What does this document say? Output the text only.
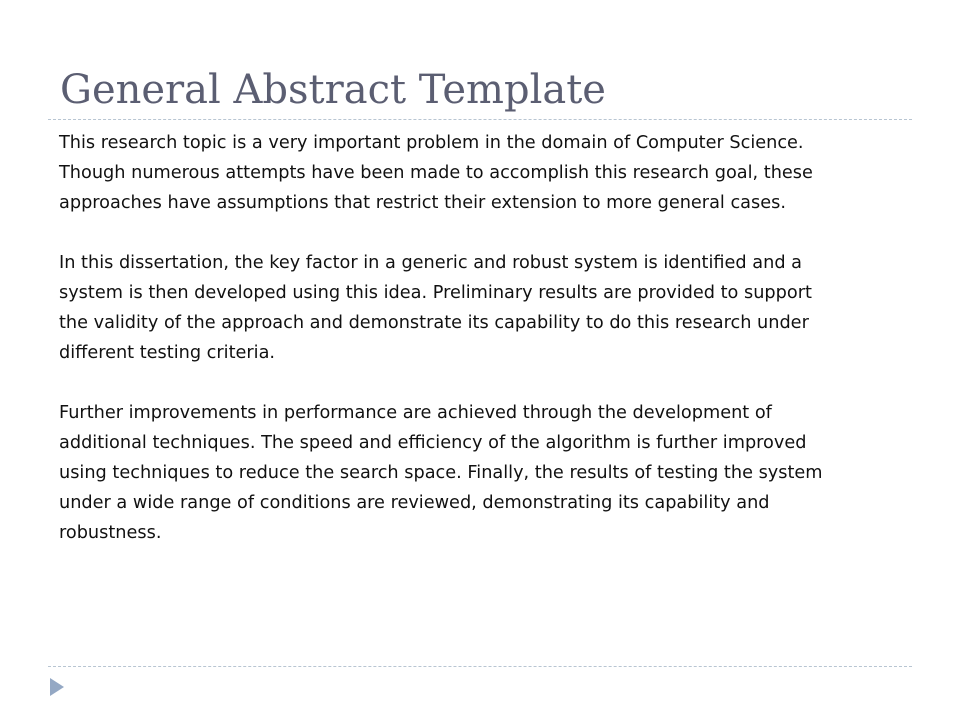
General Abstract Template

This research topic is a very important problem in the domain of Computer Science.
Though numerous attempts have been made to accomplish this research goal, these
approaches have assumptions that restrict their extension to more general cases.

In this dissertation, the key factor in a generic and robust system is identified and a
system is then developed using this idea. Preliminary results are provided to support
the validity of the approach and demonstrate its capability to do this research under
different testing criteria.

Further improvements in performance are achieved through the development of
additional techniques. The speed and efficiency of the algorithm is further improved
using techniques to reduce the search space. Finally, the results of testing the system
under a wide range of conditions are reviewed, demonstrating its capability and
robustness.
